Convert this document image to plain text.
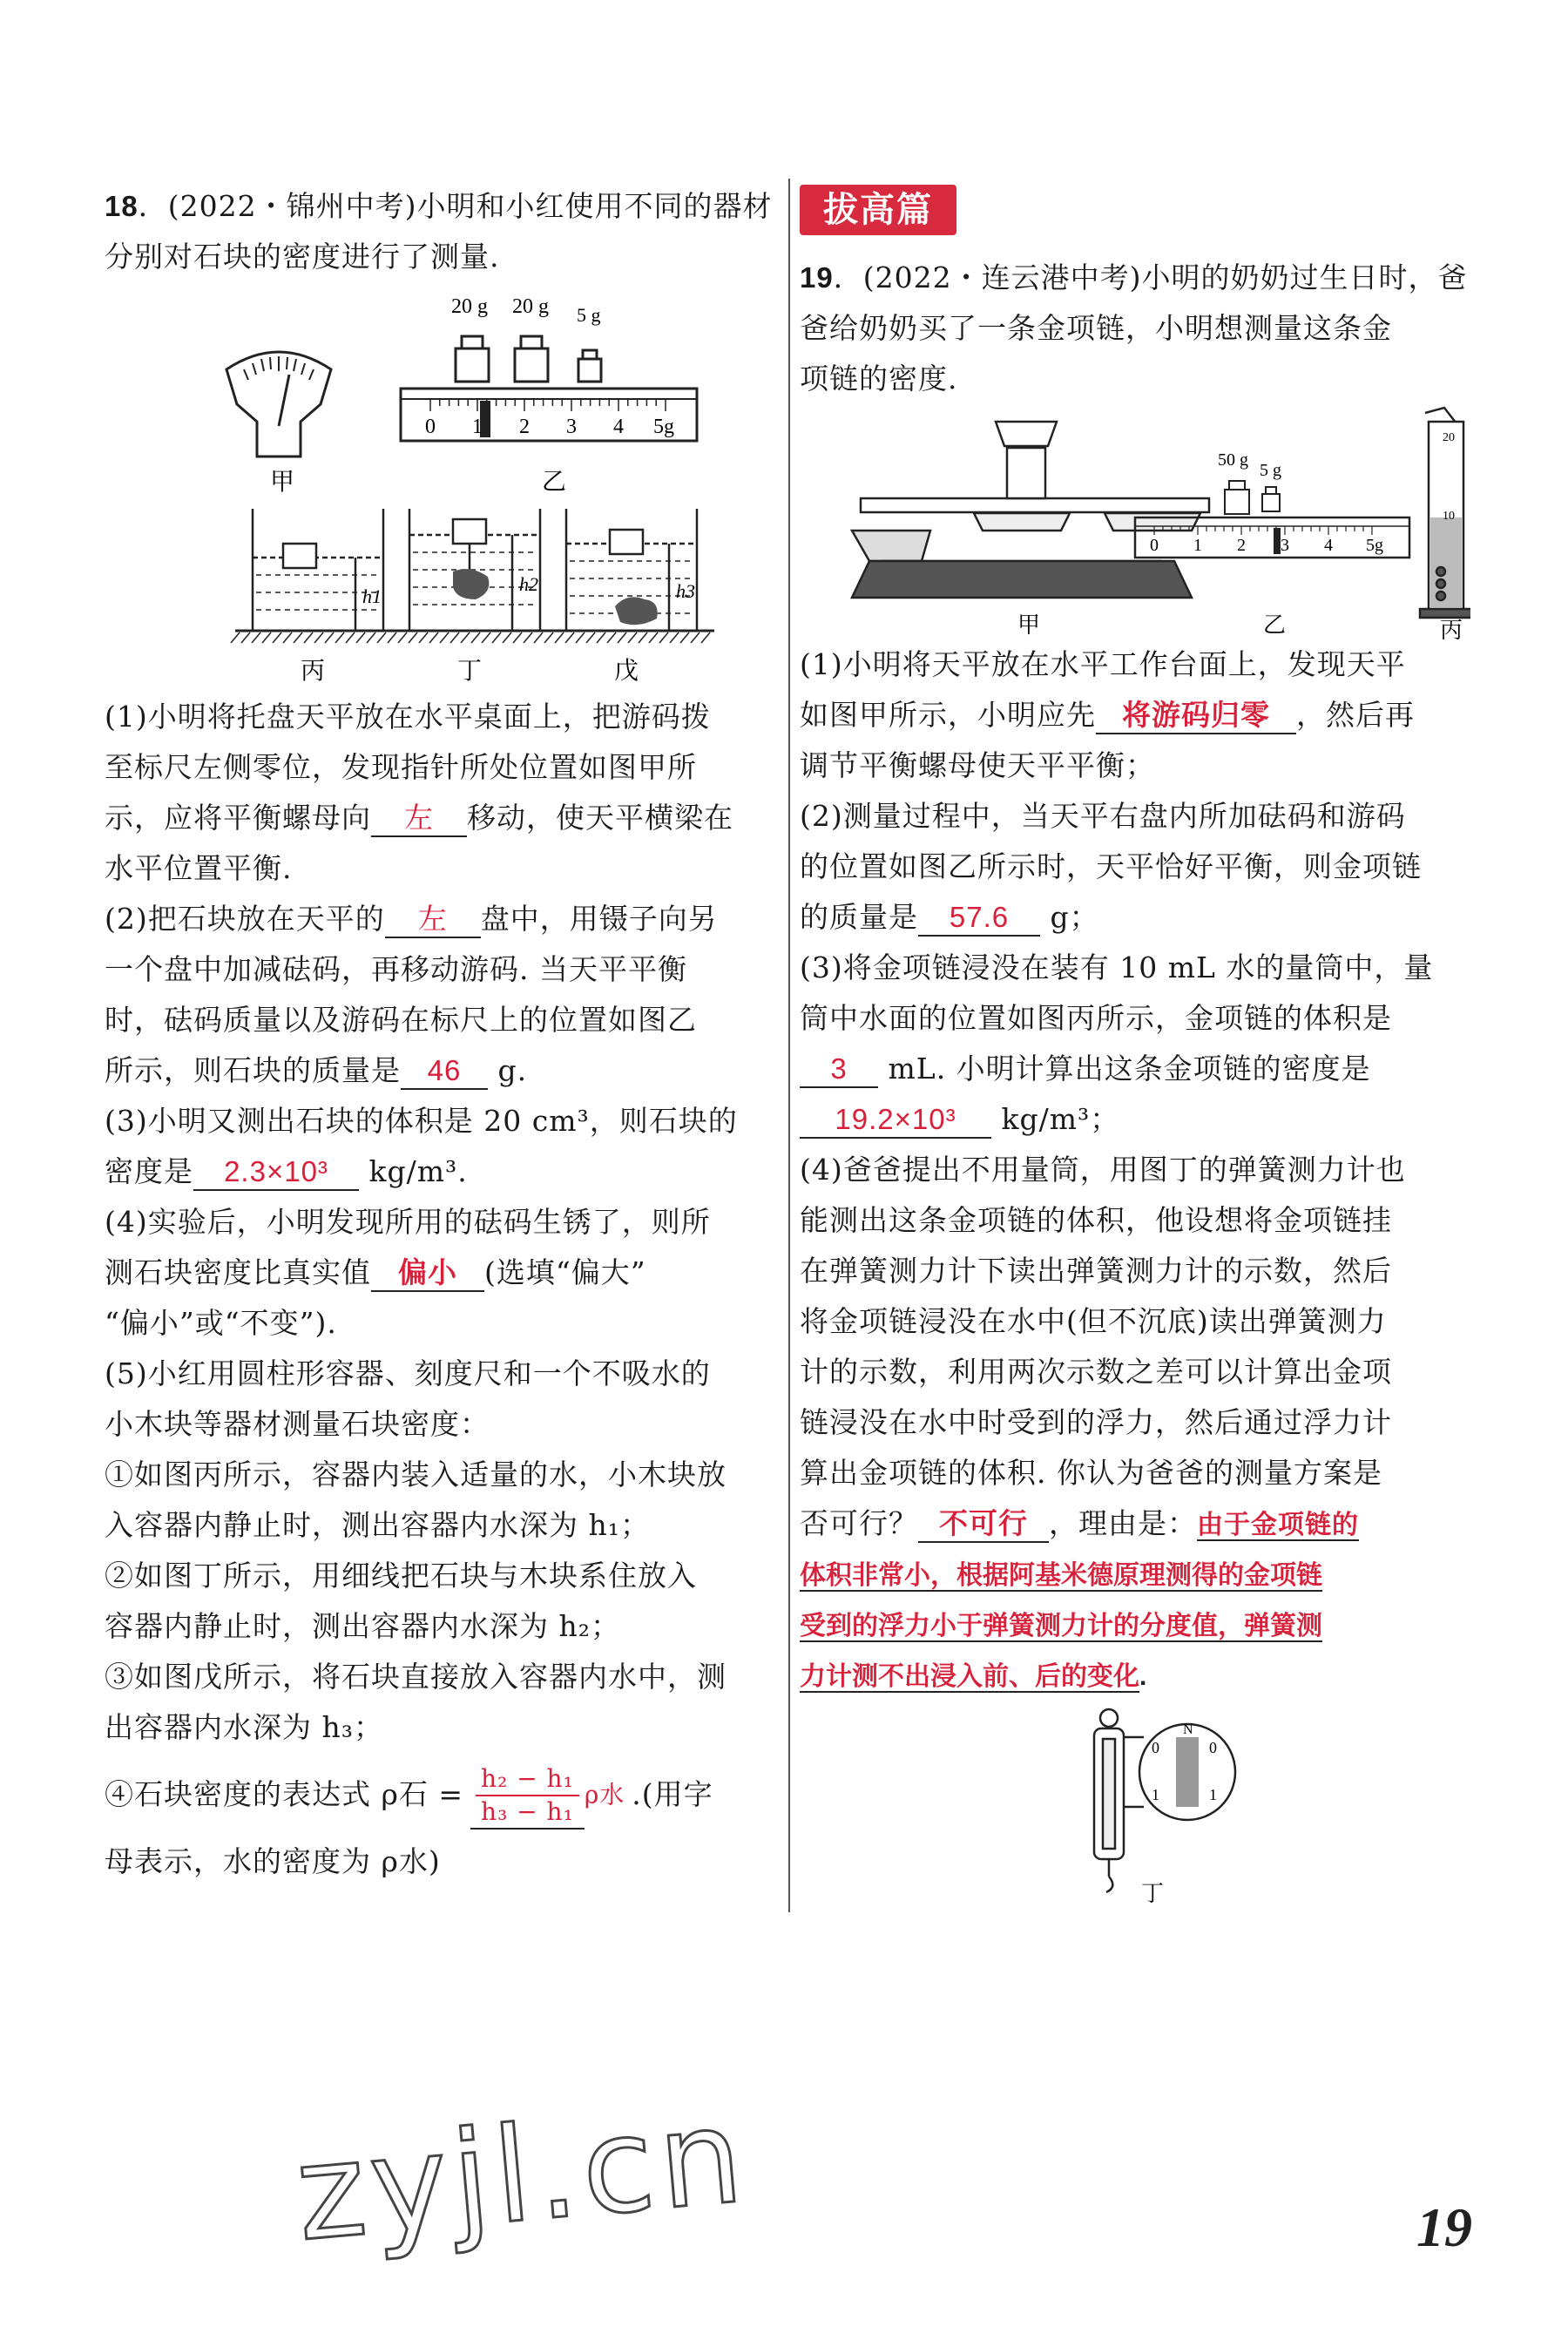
18．(2022・锦州中考)小明和小红使用不同的器材

分别对石块的密度进行了测量.

甲
20 g 20 g 5 g
0 1 2 3 4 5g
乙
h1
h2	h3
丙	丁	戊

(1)小明将托盘天平放在水平桌面上，把游码拨

至标尺左侧零位，发现指针所处位置如图甲所

示，应将平衡螺母向 左 移动，使天平横梁在

水平位置平衡.

(2)把石块放在天平的 左 盘中，用镊子向另

一个盘中加减砝码，再移动游码. 当天平平衡

时，砝码质量以及游码在标尺上的位置如图乙

所示，则石块的质量是 46 g.

(3)小明又测出石块的体积是 20 cm³，则石块的

密度是 2.3×10³ kg/m³.

(4)实验后，小明发现所用的砝码生锈了，则所

测石块密度比真实值 偏小 (选填“偏大”

“偏小”或“不变”).

(5)小红用圆柱形容器、刻度尺和一个不吸水的

小木块等器材测量石块密度：

①如图丙所示，容器内装入适量的水，小木块放

入容器内静止时，测出容器内水深为 h₁；

②如图丁所示，用细线把石块与木块系住放入

容器内静止时，测出容器内水深为 h₂；

③如图戊所示，将石块直接放入容器内水中，测

出容器内水深为 h₃；

④石块密度的表达式 ρ石 = $\frac{\text{h₂ − h₁}}{\text{h₃ − h₁}}$ ρ水 .(用字

母表示，水的密度为 ρ水)

拔高篇

19．(2022・连云港中考)小明的奶奶过生日时，爸

爸给奶奶买了一条金项链，小明想测量这条金

项链的密度.

甲
50 g
5 g
0 1 2 3 4 5g
乙
20
10
丙

(1)小明将天平放在水平工作台面上，发现天平

如图甲所示，小明应先 将游码归零 ，然后再

调节平衡螺母使天平平衡；

(2)测量过程中，当天平右盘内所加砝码和游码

的位置如图乙所示时，天平恰好平衡，则金项链

的质量是 57.6 g；

(3)将金项链浸没在装有 10 mL 水的量筒中，量

筒中水面的位置如图丙所示，金项链的体积是

3 mL. 小明计算出这条金项链的密度是

19.2×10³ kg/m³；

(4)爸爸提出不用量筒，用图丁的弹簧测力计也

能测出这条金项链的体积，他设想将金项链挂

在弹簧测力计下读出弹簧测力计的示数，然后

将金项链浸没在水中(但不沉底)读出弹簧测力

计的示数，利用两次示数之差可以计算出金项

链浸没在水中时受到的浮力，然后通过浮力计

算出金项链的体积. 你认为爸爸的测量方案是

否可行？ 不可行 ，理由是：由于金项链的

体积非常小，根据阿基米德原理测得的金项链

受到的浮力小于弹簧测力计的分度值，弹簧测

力计测不出浸入前、后的变化.

N
0
1
0
1
丁
zyjl.cn	19
